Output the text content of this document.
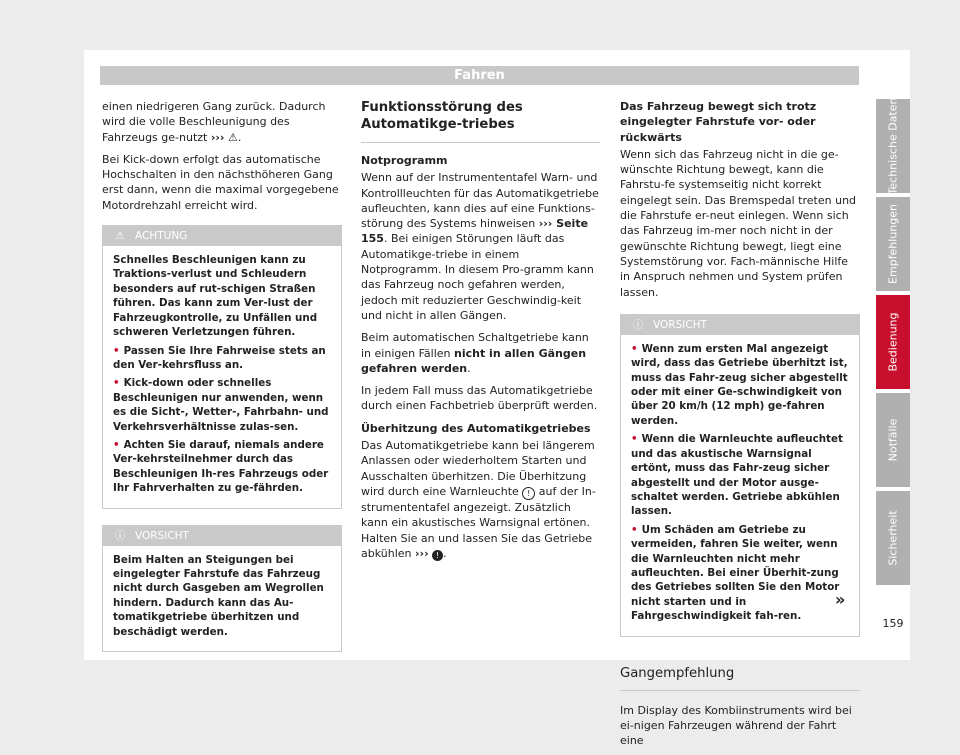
Fahren

einen niedrigeren Gang zurück. Dadurch wird die volle Beschleunigung des Fahrzeugs ge-nutzt ››› ⚠.

Bei Kick-down erfolgt das automatische Hochschalten in den nächsthöheren Gang erst dann, wenn die maximal vorgegebene Motordrehzahl erreicht wird.

⚠ ACHTUNG

Schnelles Beschleunigen kann zu Traktions-verlust und Schleudern besonders auf rut-schigen Straßen führen. Das kann zum Ver-lust der Fahrzeugkontrolle, zu Unfällen und schweren Verletzungen führen.

• Passen Sie Ihre Fahrweise stets an den Ver-kehrsfluss an.

• Kick-down oder schnelles Beschleunigen nur anwenden, wenn es die Sicht-, Wetter-, Fahrbahn- und Verkehrsverhältnisse zulas-sen.

• Achten Sie darauf, niemals andere Ver-kehrsteilnehmer durch das Beschleunigen Ih-res Fahrzeugs oder Ihr Fahrverhalten zu ge-fährden.

ⓘ VORSICHT

Beim Halten an Steigungen bei eingelegter Fahrstufe das Fahrzeug nicht durch Gasgeben am Wegrollen hindern. Dadurch kann das Au-tomatikgetriebe überhitzen und beschädigt werden.

Funktionsstörung des Automatikge-triebes

Notprogramm

Wenn auf der Instrumententafel Warn- und Kontrollleuchten für das Automatikgetriebe aufleuchten, kann dies auf eine Funktions-störung des Systems hinweisen ››› Seite 155. Bei einigen Störungen läuft das Automatikge-triebe in einem Notprogramm. In diesem Pro-gramm kann das Fahrzeug noch gefahren werden, jedoch mit reduzierter Geschwindig-keit und nicht in allen Gängen.

Beim automatischen Schaltgetriebe kann in einigen Fällen nicht in allen Gängen gefahren werden.

In jedem Fall muss das Automatikgetriebe durch einen Fachbetrieb überprüft werden.

Überhitzung des Automatikgetriebes

Das Automatikgetriebe kann bei längerem Anlassen oder wiederholtem Starten und Ausschalten überhitzen. Die Überhitzung wird durch eine Warnleuchte ! auf der In-strumententafel angezeigt. Zusätzlich kann ein akustisches Warnsignal ertönen. Halten Sie an und lassen Sie das Getriebe abkühlen ››› ! .

Das Fahrzeug bewegt sich trotz eingelegter Fahrstufe vor- oder rückwärts

Wenn sich das Fahrzeug nicht in die ge-wünschte Richtung bewegt, kann die Fahrstu-fe systemseitig nicht korrekt eingelegt sein. Das Bremspedal treten und die Fahrstufe er-neut einlegen. Wenn sich das Fahrzeug im-mer noch nicht in der gewünschte Richtung bewegt, liegt eine Systemstörung vor. Fach-männische Hilfe in Anspruch nehmen und System prüfen lassen.

ⓘ VORSICHT

• Wenn zum ersten Mal angezeigt wird, dass das Getriebe überhitzt ist, muss das Fahr-zeug sicher abgestellt oder mit einer Ge-schwindigkeit von über 20 km/h (12 mph) ge-fahren werden.

• Wenn die Warnleuchte aufleuchtet und das akustische Warnsignal ertönt, muss das Fahr-zeug sicher abgestellt und der Motor ausge-schaltet werden. Getriebe abkühlen lassen.

• Um Schäden am Getriebe zu vermeiden, fahren Sie weiter, wenn die Warnleuchten nicht mehr aufleuchten. Bei einer Überhit-zung des Getriebes sollten Sie den Motor nicht starten und in Fahrgeschwindigkeit fah-ren.

Gangempfehlung

Im Display des Kombiinstruments wird bei ei-nigen Fahrzeugen während der Fahrt eine

»
Technische Daten
Empfehlungen
Bedienung
Notfälle
Sicherheit
159
